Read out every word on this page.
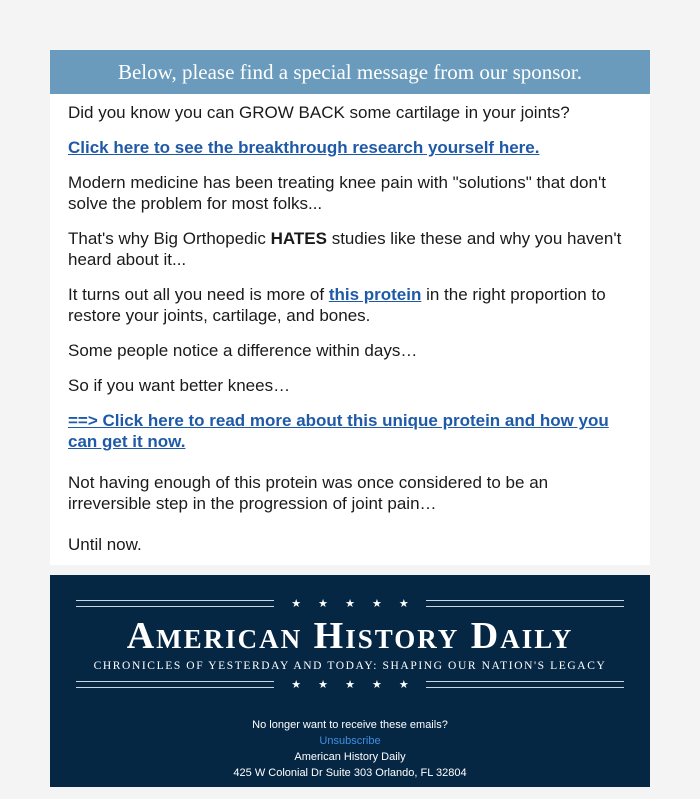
Below, please find a special message from our sponsor.

Did you know you can GROW BACK some cartilage in your joints?

Click here to see the breakthrough research yourself here.

Modern medicine has been treating knee pain with "solutions" that don't solve the problem for most folks...

That's why Big Orthopedic HATES studies like these and why you haven't heard about it...

It turns out all you need is more of this protein in the right proportion to restore your joints, cartilage, and bones.

Some people notice a difference within days…

So if you want better knees…

==> Click here to read more about this unique protein and how you can get it now.

Not having enough of this protein was once considered to be an irreversible step in the progression of joint pain…

Until now.

★ ★ ★ ★ ★
American History Daily
CHRONICLES OF YESTERDAY AND TODAY: SHAPING OUR NATION'S LEGACY
★ ★ ★ ★ ★
No longer want to receive these emails?
Unsubscribe
American History Daily
425 W Colonial Dr Suite 303 Orlando, FL 32804
